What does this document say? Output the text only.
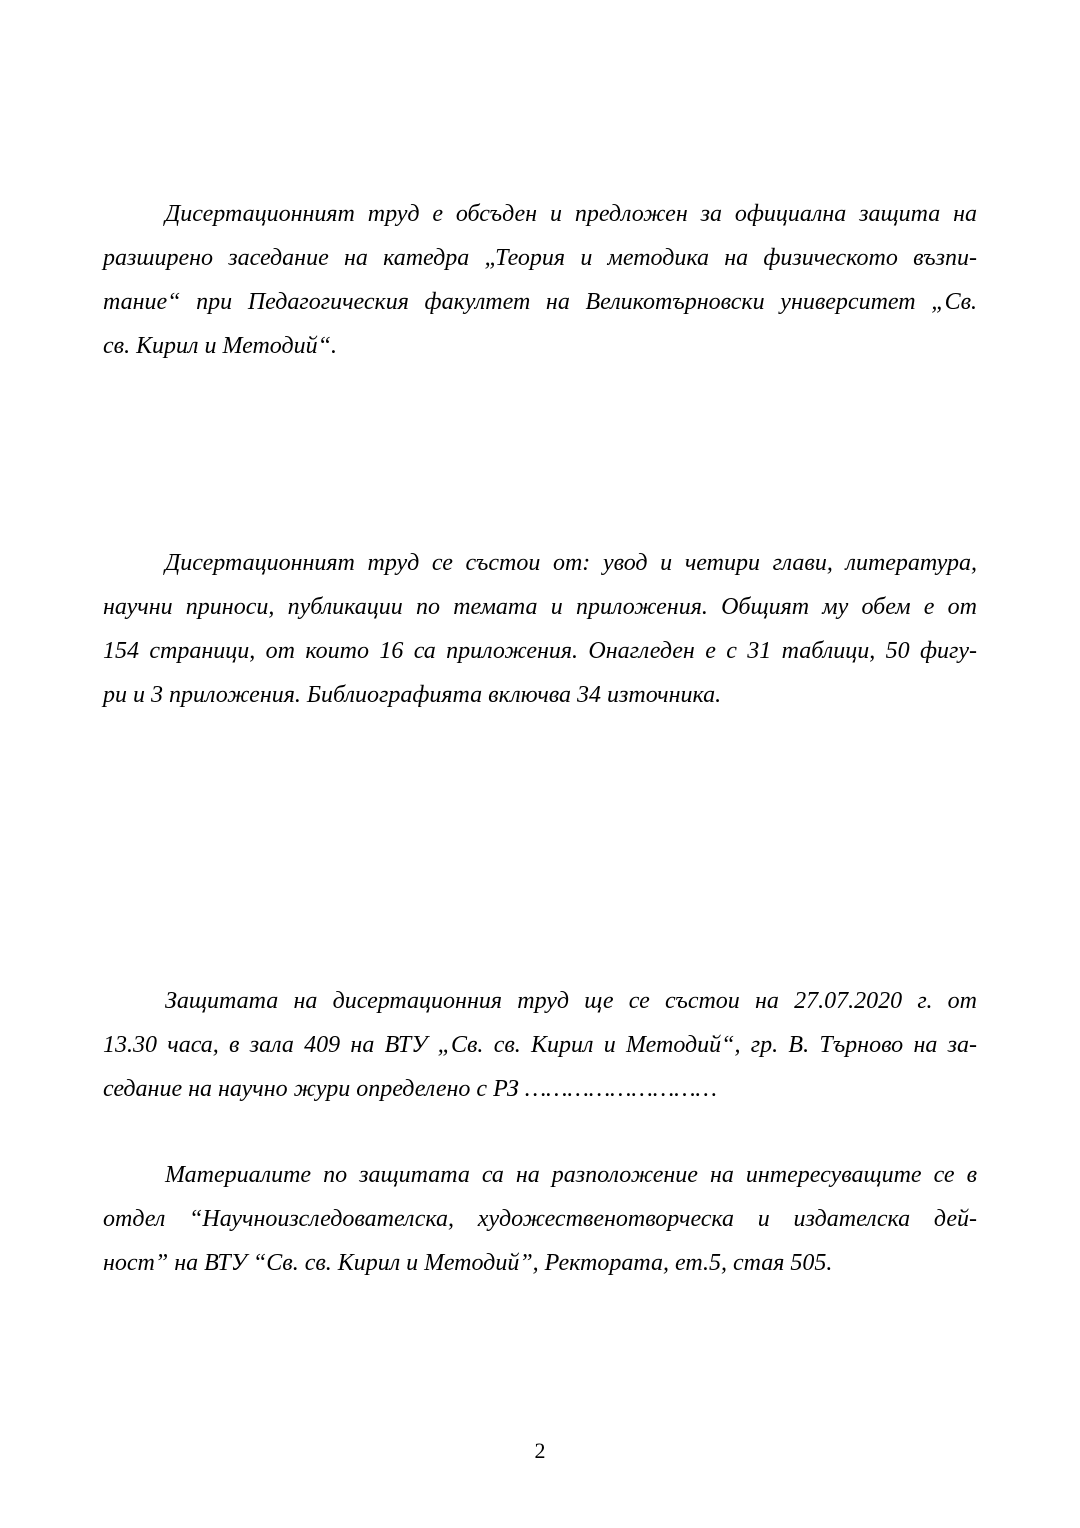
Дисертационният труд е обсъден и предложен за официална защита на
разширено заседание на катедра „Теория и методика на физическото възпи-
тание“ при Педагогическия факултет на Великотърновски университет „Св.
св. Кирил и Методий“.
Дисертационният труд се състои от: увод и четири глави, литература,
научни приноси, публикации по темата и приложения. Общият му обем е от
154 страници, от които 16 са приложения. Онагледен е с 31 таблици, 50 фигу-
ри и 3 приложения. Библиографията включва 34 източника.
Защитата на дисертационния труд ще се състои на 27.07.2020 г. от
13.30 часа, в зала 409 на ВТУ „Св. св. Кирил и Методий“, гр. В. Търново на за-
седание на научно жури определено с РЗ ………………………
Материалите по защитата са на разположение на интересуващите се в
отдел “Научноизследователска, художественотворческа и издателска дей-
ност” на ВТУ “Св. св. Кирил и Методий”, Ректората, ет.5, стая 505.

2
